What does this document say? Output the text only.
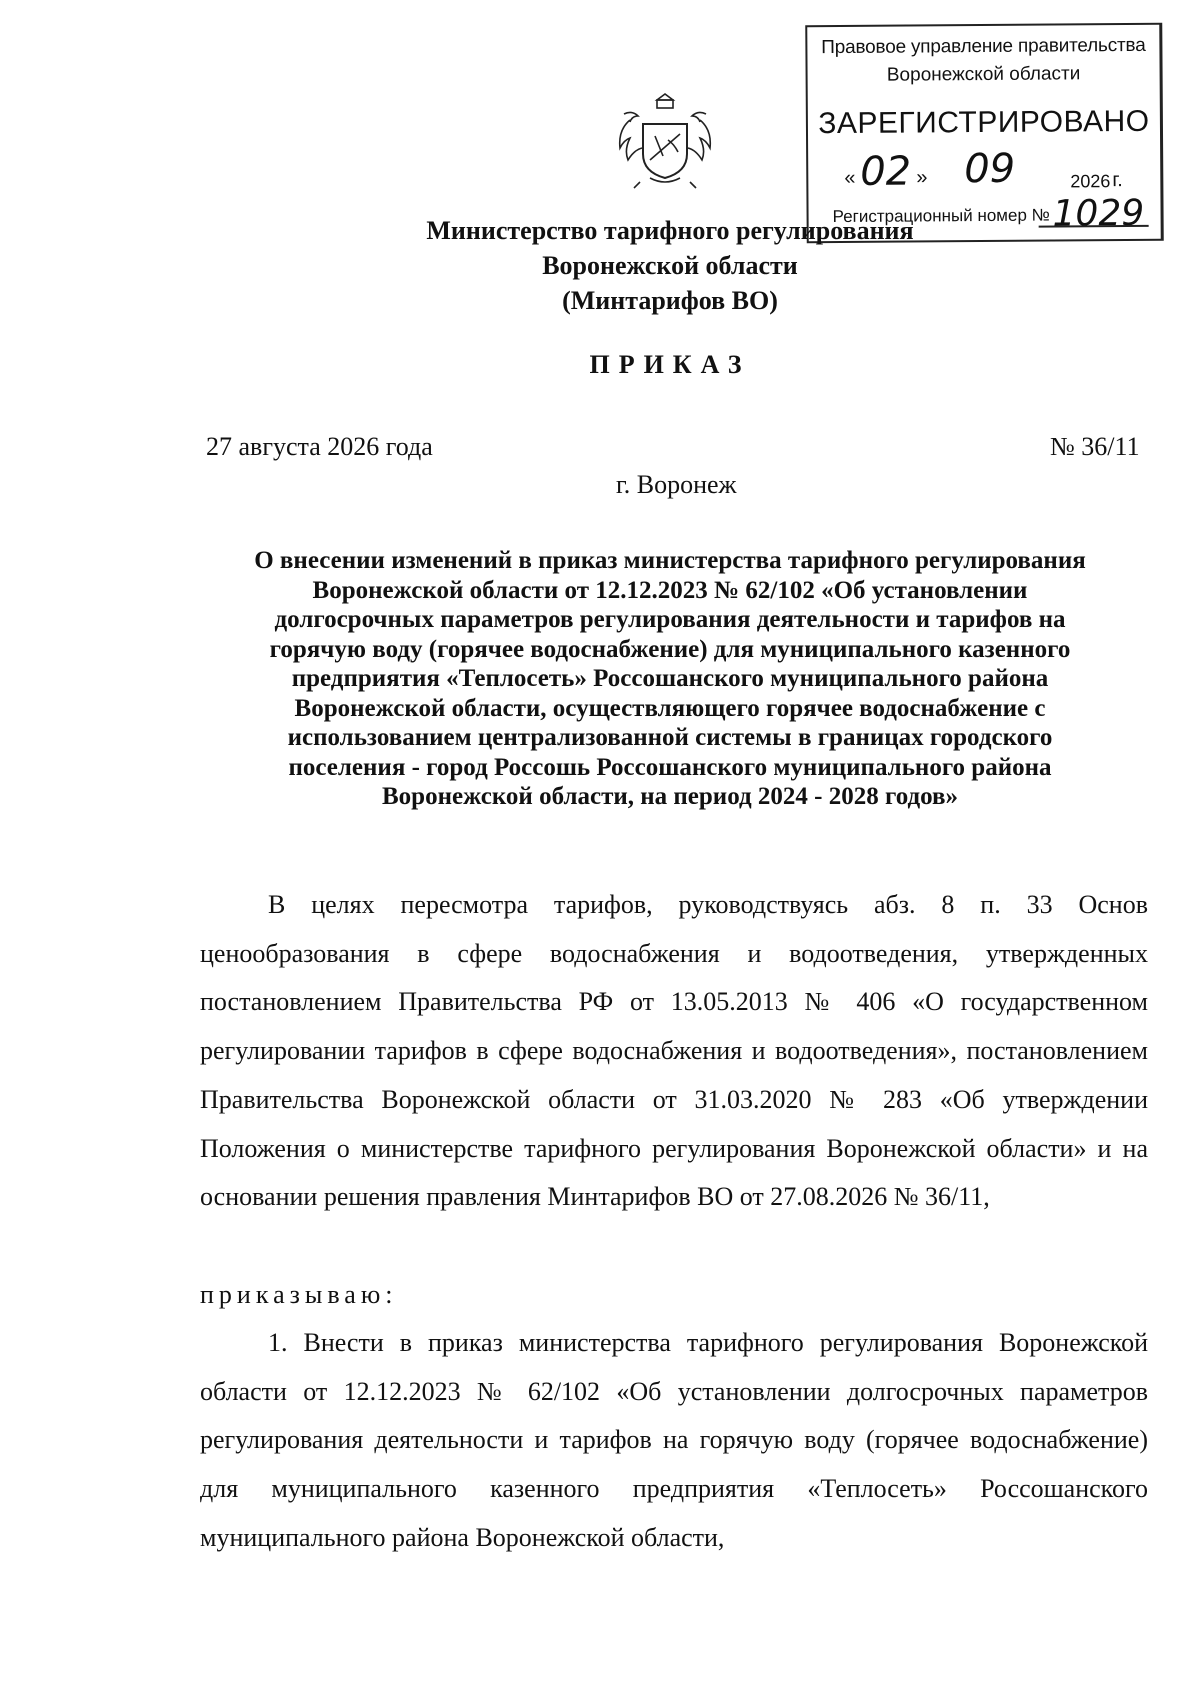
Правовое управление правительства
Воронежской области
ЗАРЕГИСТРИРОВАНО
« 02 » 09	2026 г.
Регистрационный номер № 1029
Министерство тарифного регулирования
Воронежской области
(Минтарифов ВО)
ПРИКАЗ
27 августа 2026 года	№ 36/11
г. Воронеж
О внесении изменений в приказ министерства тарифного регулирования
Воронежской области от 12.12.2023 № 62/102 «Об установлении
долгосрочных параметров регулирования деятельности и тарифов на
горячую воду (горячее водоснабжение) для муниципального казенного
предприятия «Теплосеть» Россошанского муниципального района
Воронежской области, осуществляющего горячее водоснабжение с
использованием централизованной системы в границах городского
поселения - город Россошь Россошанского муниципального района
Воронежской области, на период 2024 - 2028 годов»
В целях пересмотра тарифов, руководствуясь абз. 8 п. 33 Основ ценообразования в сфере водоснабжения и водоотведения, утвержденных постановлением Правительства РФ от 13.05.2013 № 406 «О государственном регулировании тарифов в сфере водоснабжения и водоотведения», постановлением Правительства Воронежской области от 31.03.2020 № 283 «Об утверждении Положения о министерстве тарифного регулирования Воронежской области» и на основании решения правления Минтарифов ВО от 27.08.2026 № 36/11,
приказываю:
1. Внести в приказ министерства тарифного регулирования Воронежской области от 12.12.2023 № 62/102 «Об установлении долгосрочных параметров регулирования деятельности и тарифов на горячую воду (горячее водоснабжение) для муниципального казенного предприятия «Теплосеть» Россошанского муниципального района Воронежской области,
